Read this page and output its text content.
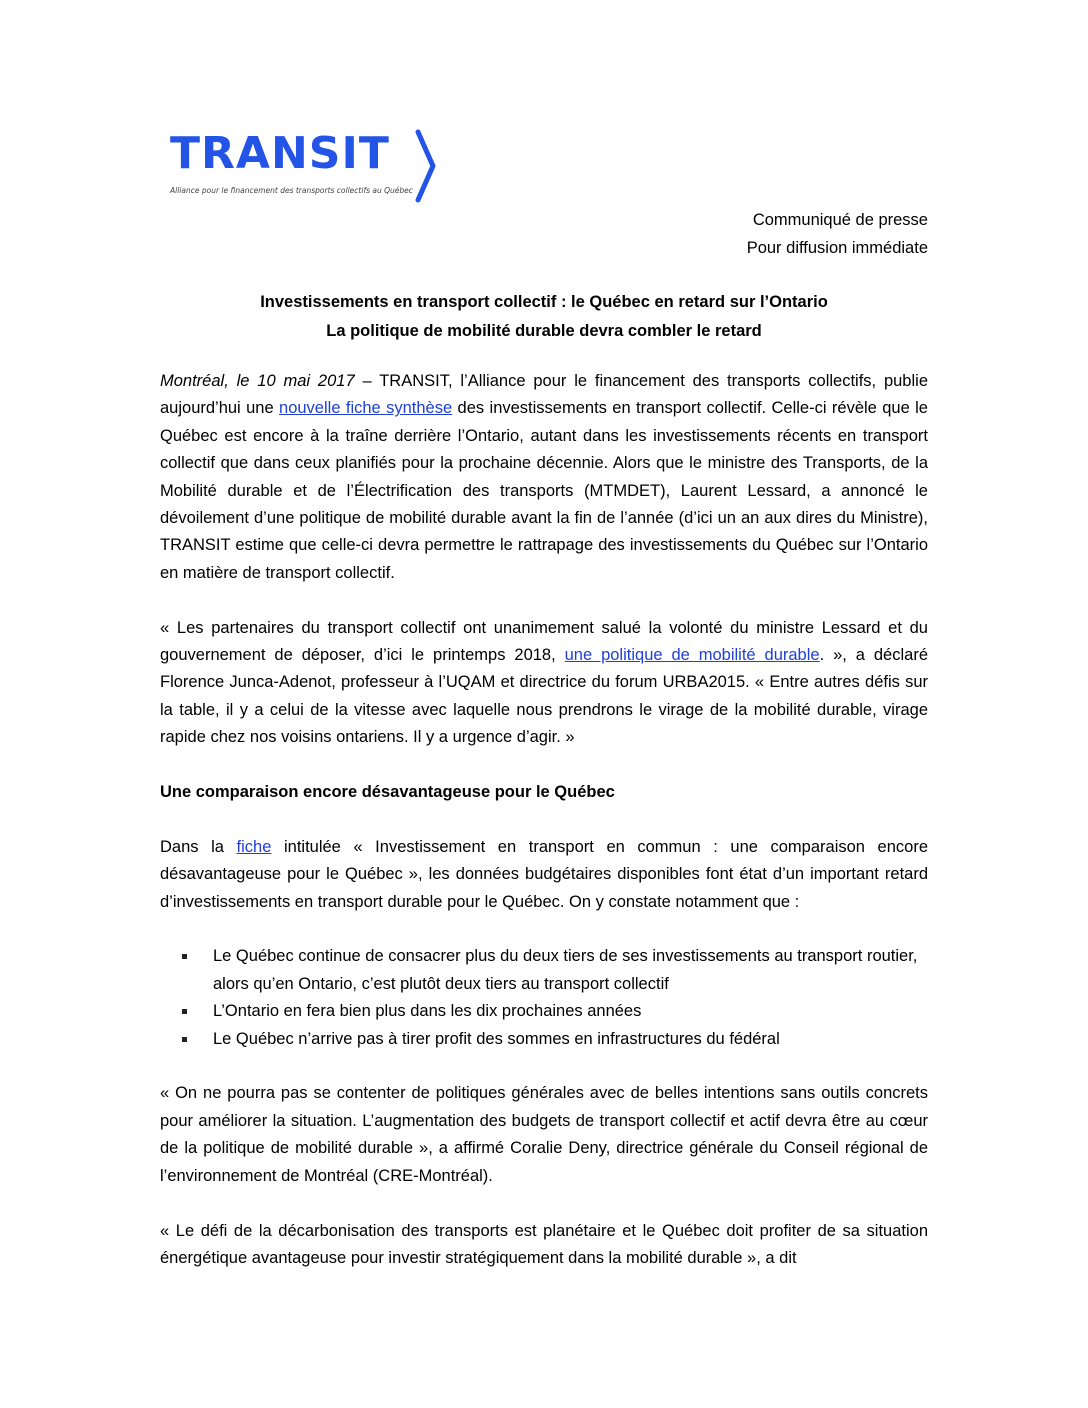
TRANSIT
Alliance pour le financement des transports collectifs au Québec
Communiqué de presse
Pour diffusion immédiate
Investissements en transport collectif : le Québec en retard sur l’Ontario
La politique de mobilité durable devra combler le retard

Montréal, le 10 mai 2017 – TRANSIT, l’Alliance pour le financement des transports collectifs, publie aujourd’hui une nouvelle fiche synthèse des investissements en transport collectif. Celle-ci révèle que le Québec est encore à la traîne derrière l’Ontario, autant dans les investissements récents en transport collectif que dans ceux planifiés pour la prochaine décennie. Alors que le ministre des Transports, de la Mobilité durable et de l’Électrification des transports (MTMDET), Laurent Lessard, a annoncé le dévoilement d’une politique de mobilité durable avant la fin de l’année (d’ici un an aux dires du Ministre), TRANSIT estime que celle-ci devra permettre le rattrapage des investissements du Québec sur l’Ontario en matière de transport collectif.

« Les partenaires du transport collectif ont unanimement salué la volonté du ministre Lessard et du gouvernement de déposer, d’ici le printemps 2018, une politique de mobilité durable. », a déclaré Florence Junca-Adenot, professeur à l’UQAM et directrice du forum URBA2015. « Entre autres défis sur la table, il y a celui de la vitesse avec laquelle nous prendrons le virage de la mobilité durable, virage rapide chez nos voisins ontariens. Il y a urgence d’agir. »

Une comparaison encore désavantageuse pour le Québec

Dans la fiche intitulée « Investissement en transport en commun : une comparaison encore désavantageuse pour le Québec », les données budgétaires disponibles font état d’un important retard d’investissements en transport durable pour le Québec. On y constate notamment que :

Le Québec continue de consacrer plus du deux tiers de ses investissements au transport routier, alors qu’en Ontario, c’est plutôt deux tiers au transport collectif
L’Ontario en fera bien plus dans les dix prochaines années
Le Québec n’arrive pas à tirer profit des sommes en infrastructures du fédéral

« On ne pourra pas se contenter de politiques générales avec de belles intentions sans outils concrets pour améliorer la situation. L’augmentation des budgets de transport collectif et actif devra être au cœur de la politique de mobilité durable », a affirmé Coralie Deny, directrice générale du Conseil régional de l’environnement de Montréal (CRE-Montréal).

« Le défi de la décarbonisation des transports est planétaire et le Québec doit profiter de sa situation énergétique avantageuse pour investir stratégiquement dans la mobilité durable », a dit
